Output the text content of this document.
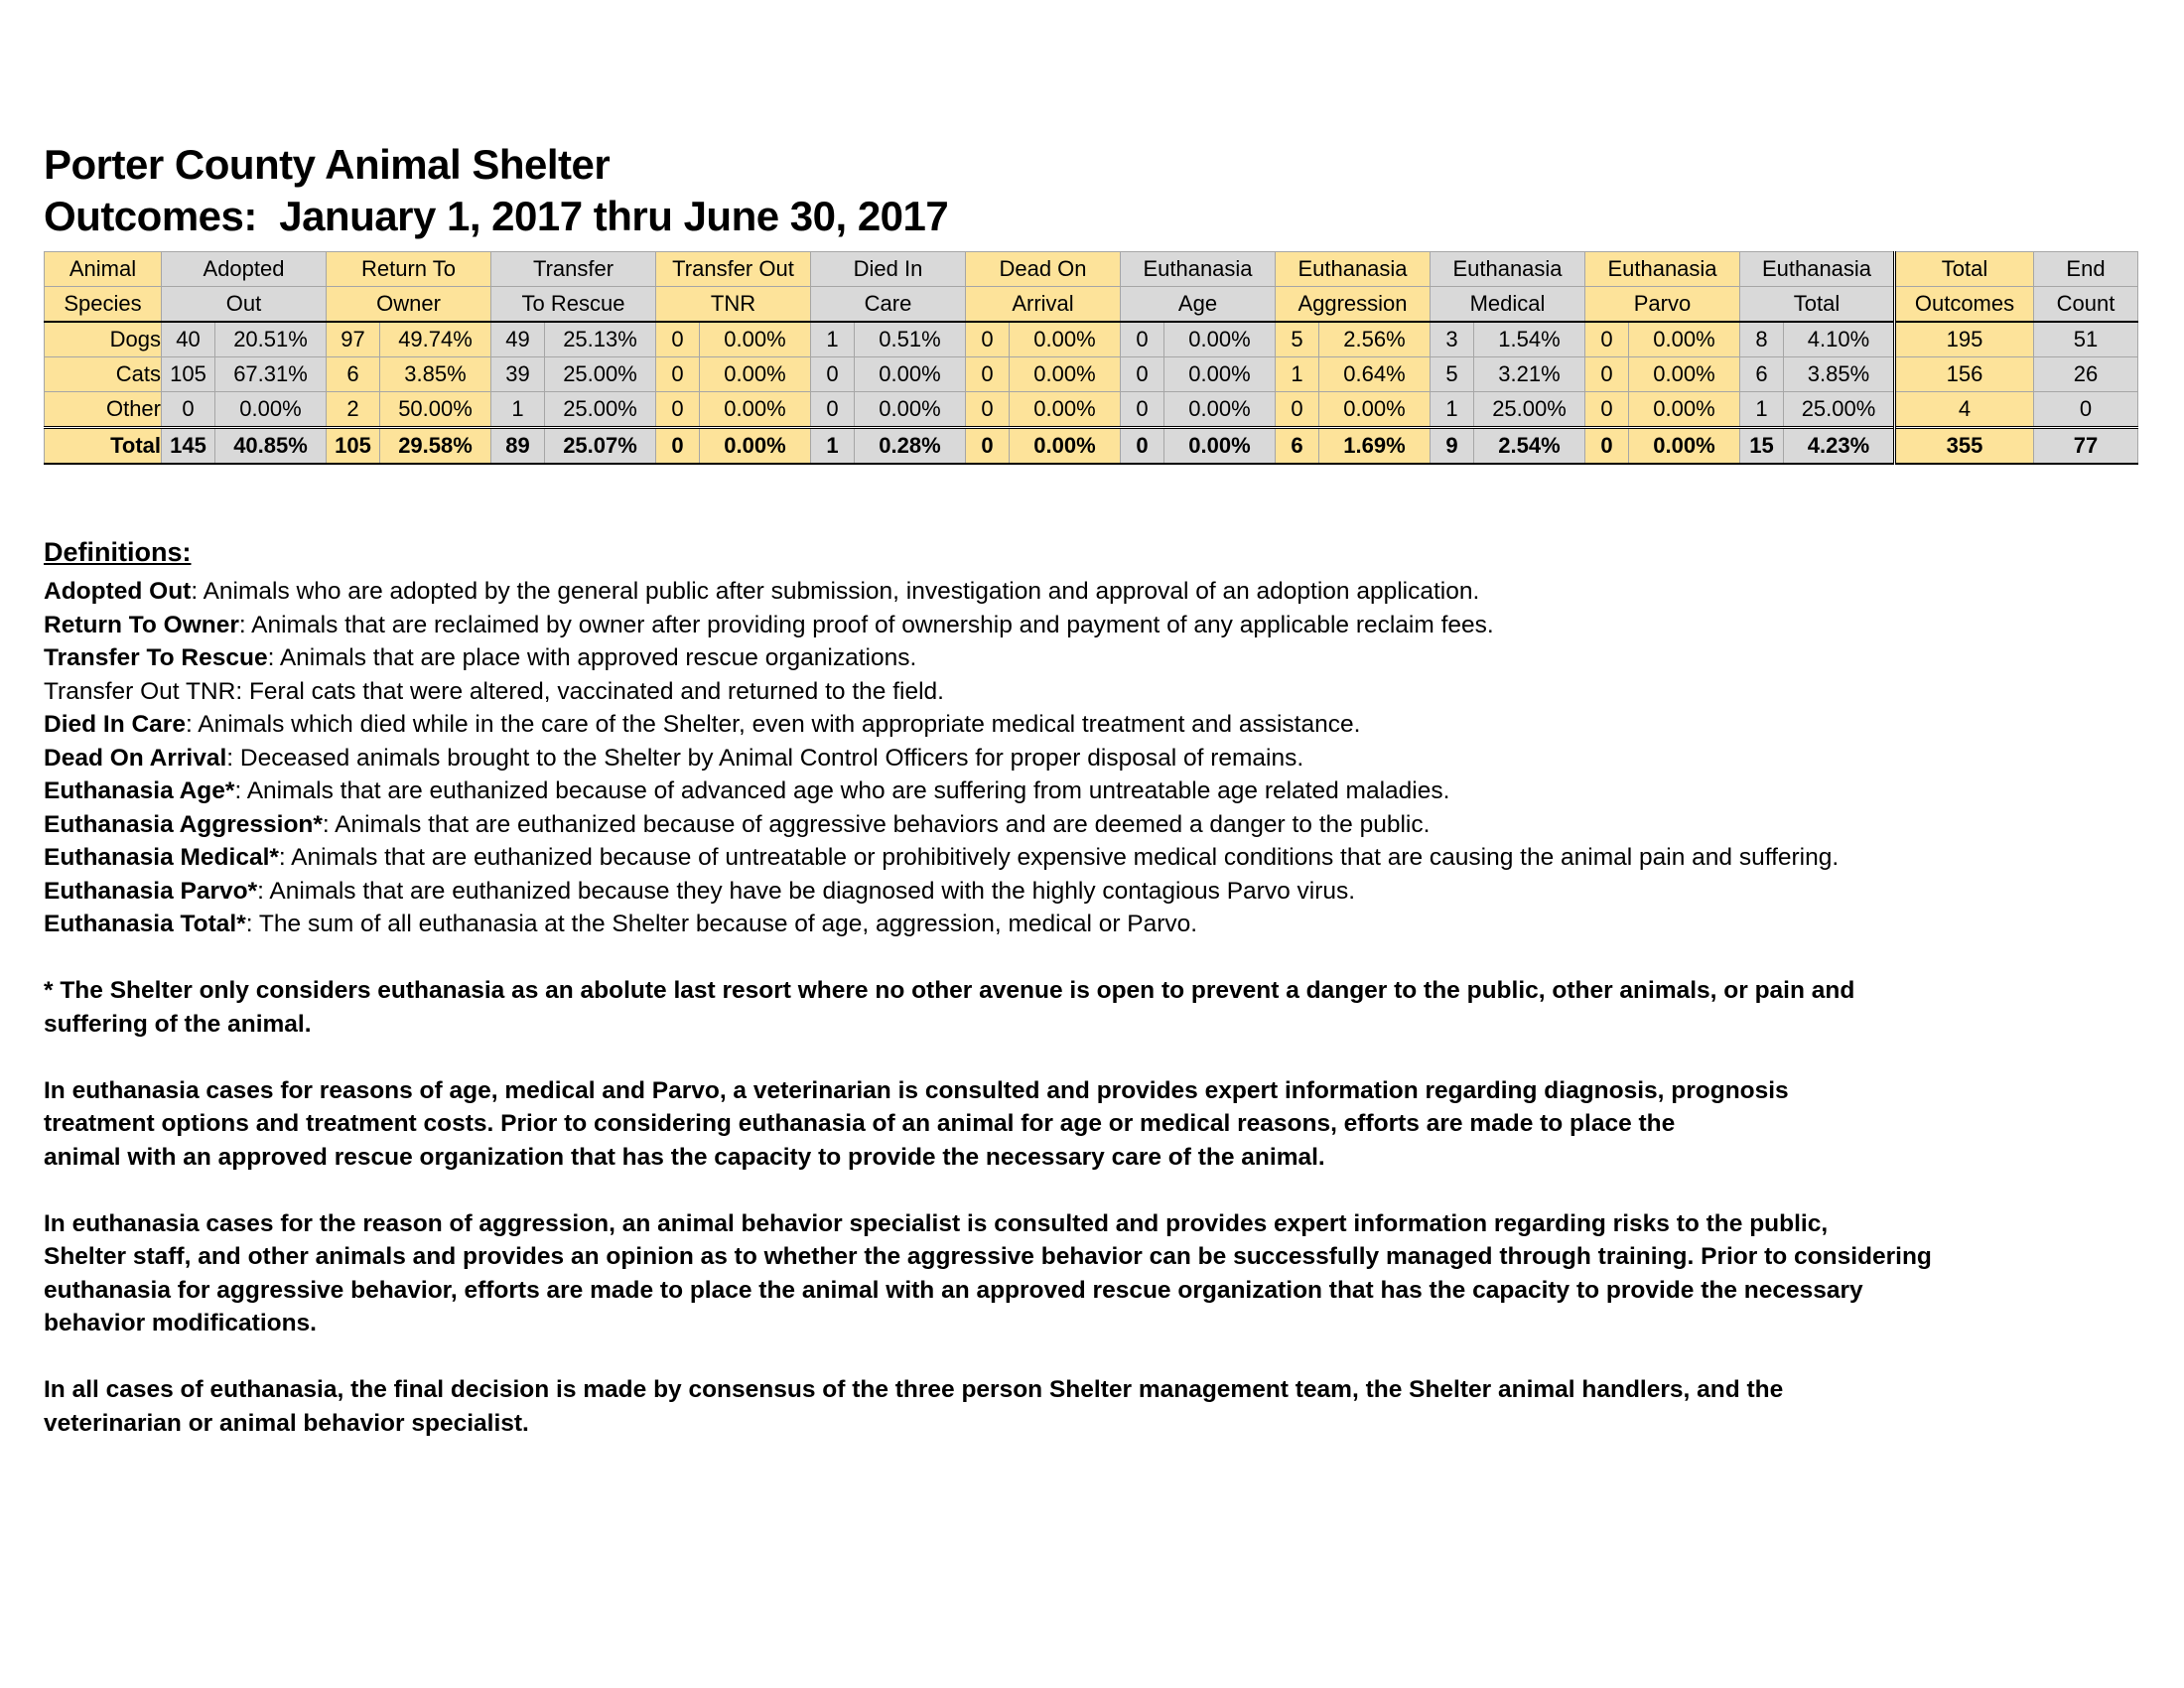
Porter County Animal Shelter
Outcomes:  January 1, 2017 thru June 30, 2017
Animal	Adopted		Return To		Transfer		Transfer Out		Died In		Dead On		Euthanasia		Euthanasia		Euthanasia		Euthanasia		Euthanasia		Total	End
Species	Out		Owner		To Rescue		TNR		Care		Arrival		Age		Aggression		Medical		Parvo		Total		Outcomes	Count
Dogs	40	20.51%	97	49.74%	49	25.13%	0	0.00%	1	0.51%	0	0.00%	0	0.00%	5	2.56%	3	1.54%	0	0.00%	8	4.10%	195	51
Cats	105	67.31%	6	3.85%	39	25.00%	0	0.00%	0	0.00%	0	0.00%	0	0.00%	1	0.64%	5	3.21%	0	0.00%	6	3.85%	156	26
Other	0	0.00%	2	50.00%	1	25.00%	0	0.00%	0	0.00%	0	0.00%	0	0.00%	0	0.00%	1	25.00%	0	0.00%	1	25.00%	4	0
Total	145	40.85%	105	29.58%	89	25.07%	0	0.00%	1	0.28%	0	0.00%	0	0.00%	6	1.69%	9	2.54%	0	0.00%	15	4.23%	355	77
Definitions:
Adopted Out: Animals who are adopted by the general public after submission, investigation and approval of an adoption application.
Return To Owner: Animals that are reclaimed by owner after providing proof of ownership and payment of any applicable reclaim fees.
Transfer To Rescue: Animals that are place with approved rescue organizations.
Transfer Out TNR: Feral cats that were altered, vaccinated and returned to the field.
Died In Care: Animals which died while in the care of the Shelter, even with appropriate medical treatment and assistance.
Dead On Arrival: Deceased animals brought to the Shelter by Animal Control Officers for proper disposal of remains.
Euthanasia Age*: Animals that are euthanized because of advanced age who are suffering from untreatable age related maladies.
Euthanasia Aggression*: Animals that are euthanized because of aggressive behaviors and are deemed a danger to the public.
Euthanasia Medical*: Animals that are euthanized because of untreatable or prohibitively expensive medical conditions that are causing the animal pain and suffering.
Euthanasia Parvo*: Animals that are euthanized because they have be diagnosed with the highly contagious Parvo virus.
Euthanasia Total*: The sum of all euthanasia at the Shelter because of age, aggression, medical or Parvo.
* The Shelter only considers euthanasia as an abolute last resort where no other avenue is open to prevent a danger to the public, other animals, or pain and
suffering of the animal.
In euthanasia cases for reasons of age, medical and Parvo, a veterinarian is consulted and provides expert information regarding diagnosis, prognosis
treatment options and treatment costs. Prior to considering euthanasia of an animal for age or medical reasons, efforts are made to place the
animal with an approved rescue organization that has the capacity to provide the necessary care of the animal.
In euthanasia cases for the reason of aggression, an animal behavior specialist is consulted and provides expert information regarding risks to the public,
Shelter staff, and other animals and provides an opinion as to whether the aggressive behavior can be successfully managed through training. Prior to considering
euthanasia for aggressive behavior, efforts are made to place the animal with an approved rescue organization that has the capacity to provide the necessary
behavior modifications.
In all cases of euthanasia, the final decision is made by consensus of the three person Shelter management team, the Shelter animal handlers, and the
veterinarian or animal behavior specialist.
